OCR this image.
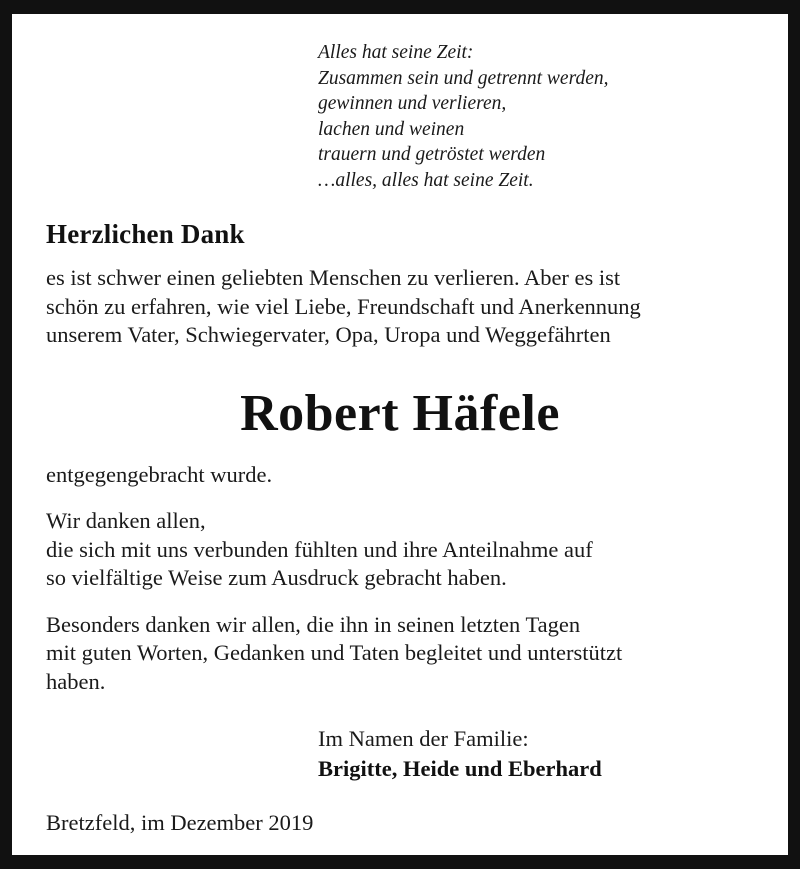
Alles hat seine Zeit:
Zusammen sein und getrennt werden,
gewinnen und verlieren,
lachen und weinen
trauern und getröstet werden
…alles, alles hat seine Zeit.
Herzlichen Dank
es ist schwer einen geliebten Menschen zu verlieren. Aber es ist
schön zu erfahren, wie viel Liebe, Freundschaft und Anerkennung
unserem Vater, Schwiegervater, Opa, Uropa und Weggefährten
Robert Häfele
entgegengebracht wurde.
Wir danken allen,
die sich mit uns verbunden fühlten und ihre Anteilnahme auf
so vielfältige Weise zum Ausdruck gebracht haben.
Besonders danken wir allen, die ihn in seinen letzten Tagen
mit guten Worten, Gedanken und Taten begleitet und unterstützt
haben.
Im Namen der Familie:
Brigitte, Heide und Eberhard
Bretzfeld, im Dezember 2019
